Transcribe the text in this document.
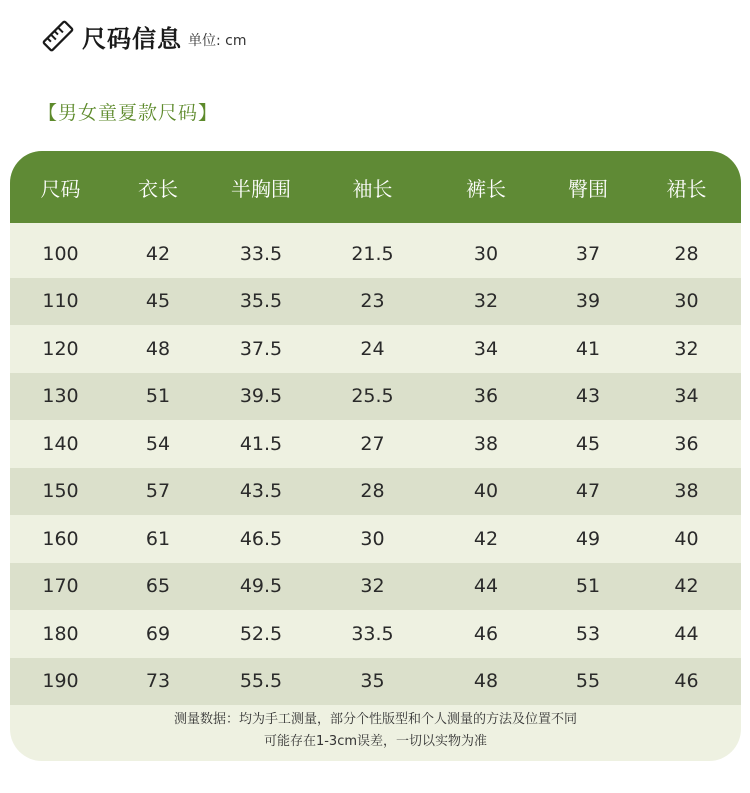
尺码信息 单位: cm
【男女童夏款尺码】
尺码	衣长	半胸围	袖长	裤长	臀围	裙长
100	42	33.5	21.5	30	37	28
110	45	35.5	23	32	39	30
120	48	37.5	24	34	41	32
130	51	39.5	25.5	36	43	34
140	54	41.5	27	38	45	36
150	57	43.5	28	40	47	38
160	61	46.5	30	42	49	40
170	65	49.5	32	44	51	42
180	69	52.5	33.5	46	53	44
190	73	55.5	35	48	55	46
测量数据：均为手工测量，部分个性版型和个人测量的方法及位置不同
可能存在1-3cm误差，一切以实物为准
